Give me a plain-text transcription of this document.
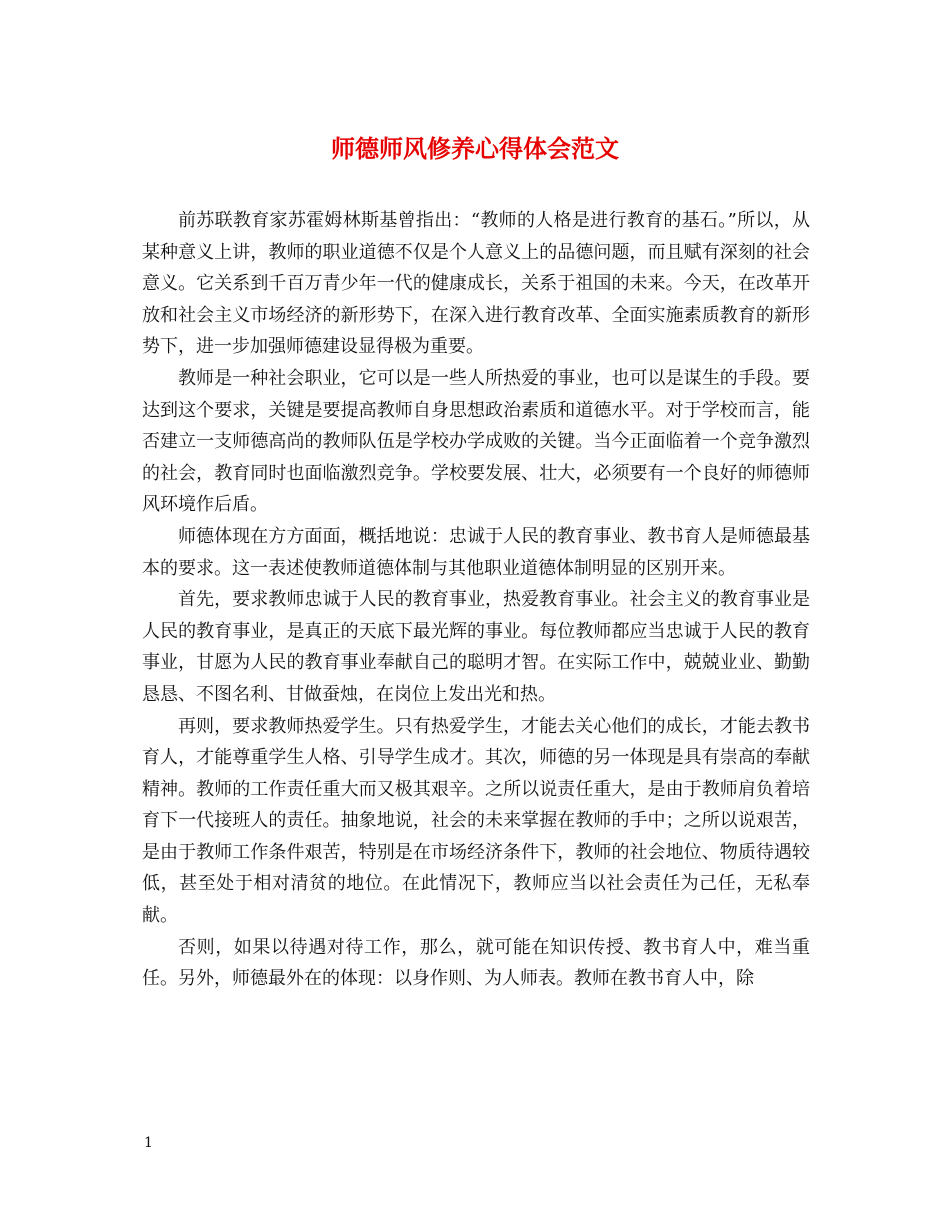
师德师风修养心得体会范文

前苏联教育家苏霍姆林斯基曾指出：“教师的人格是进行教育的基石。”所以，从某种意义上讲，教师的职业道德不仅是个人意义上的品德问题，而且赋有深刻的社会意义。它关系到千百万青少年一代的健康成长，关系于祖国的未来。今天，在改革开放和社会主义市场经济的新形势下，在深入进行教育改革、全面实施素质教育的新形势下，进一步加强师德建设显得极为重要。

教师是一种社会职业，它可以是一些人所热爱的事业，也可以是谋生的手段。要达到这个要求，关键是要提高教师自身思想政治素质和道德水平。对于学校而言，能否建立一支师德高尚的教师队伍是学校办学成败的关键。当今正面临着一个竞争激烈的社会，教育同时也面临激烈竞争。学校要发展、壮大，必须要有一个良好的师德师风环境作后盾。

师德体现在方方面面，概括地说：忠诚于人民的教育事业、教书育人是师德最基本的要求。这一表述使教师道德体制与其他职业道德体制明显的区别开来。

首先，要求教师忠诚于人民的教育事业，热爱教育事业。社会主义的教育事业是人民的教育事业，是真正的天底下最光辉的事业。每位教师都应当忠诚于人民的教育事业，甘愿为人民的教育事业奉献自己的聪明才智。在实际工作中，兢兢业业、勤勤恳恳、不图名利、甘做蚕烛，在岗位上发出光和热。

再则，要求教师热爱学生。只有热爱学生，才能去关心他们的成长，才能去教书育人，才能尊重学生人格、引导学生成才。其次，师德的另一体现是具有崇高的奉献精神。教师的工作责任重大而又极其艰辛。之所以说责任重大，是由于教师肩负着培育下一代接班人的责任。抽象地说，社会的未来掌握在教师的手中；之所以说艰苦，是由于教师工作条件艰苦，特别是在市场经济条件下，教师的社会地位、物质待遇较低，甚至处于相对清贫的地位。在此情况下，教师应当以社会责任为己任，无私奉献。

否则，如果以待遇对待工作，那么，就可能在知识传授、教书育人中，难当重任。另外，师德最外在的体现：以身作则、为人师表。教师在教书育人中，除

1
